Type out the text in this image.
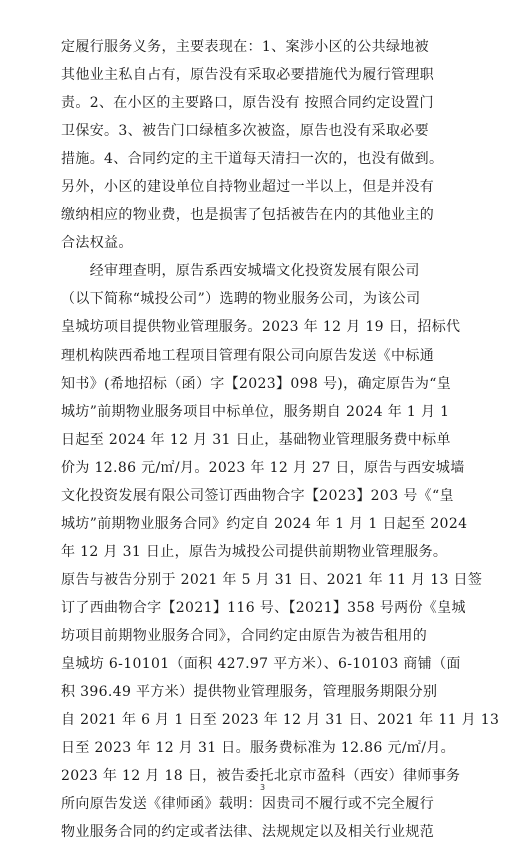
定履行服务义务，主要表现在：1、案涉小区的公共绿地被
其他业主私自占有，原告没有采取必要措施代为履行管理职
责。2、在小区的主要路口，原告没有 按照合同约定设置门
卫保安。3、被告门口绿植多次被盗，原告也没有采取必要
措施。4、合同约定的主干道每天清扫一次的，也没有做到。
另外，小区的建设单位自持物业超过一半以上，但是并没有
缴纳相应的物业费，也是损害了包括被告在内的其他业主的
合法权益。
　　经审理查明，原告系西安城墙文化投资发展有限公司
（以下简称“城投公司”）选聘的物业服务公司，为该公司
皇城坊项目提供物业管理服务。2023 年 12 月 19 日，招标代
理机构陕西希地工程项目管理有限公司向原告发送《中标通
知书》(希地招标（函）字【2023】098 号)，确定原告为“皇
城坊”前期物业服务项目中标单位，服务期自 2024 年 1 月 1
日起至 2024 年 12 月 31 日止，基础物业管理服务费中标单
价为 12.86 元/㎡/月。2023 年 12 月 27 日，原告与西安城墙
文化投资发展有限公司签订西曲物合字【2023】203 号《“皇
城坊”前期物业服务合同》约定自 2024 年 1 月 1 日起至 2024
年 12 月 31 日止，原告为城投公司提供前期物业管理服务。
原告与被告分别于 2021 年 5 月 31 日、2021 年 11 月 13 日签
订了西曲物合字【2021】116 号、【2021】358 号两份《皇城
坊项目前期物业服务合同》，合同约定由原告为被告租用的
皇城坊 6-10101（面积 427.97 平方米）、6-10103 商铺（面
积 396.49 平方米）提供物业管理服务，管理服务期限分别
自 2021 年 6 月 1 日至 2023 年 12 月 31 日、2021 年 11 月 13
日至 2023 年 12 月 31 日。服务费标准为 12.86 元/㎡/月。
2023 年 12 月 18 日，被告委托北京市盈科（西安）律师事务
所向原告发送《律师函》载明：因贵司不履行或不完全履行
物业服务合同的约定或者法律、法规规定以及相关行业规范
3
